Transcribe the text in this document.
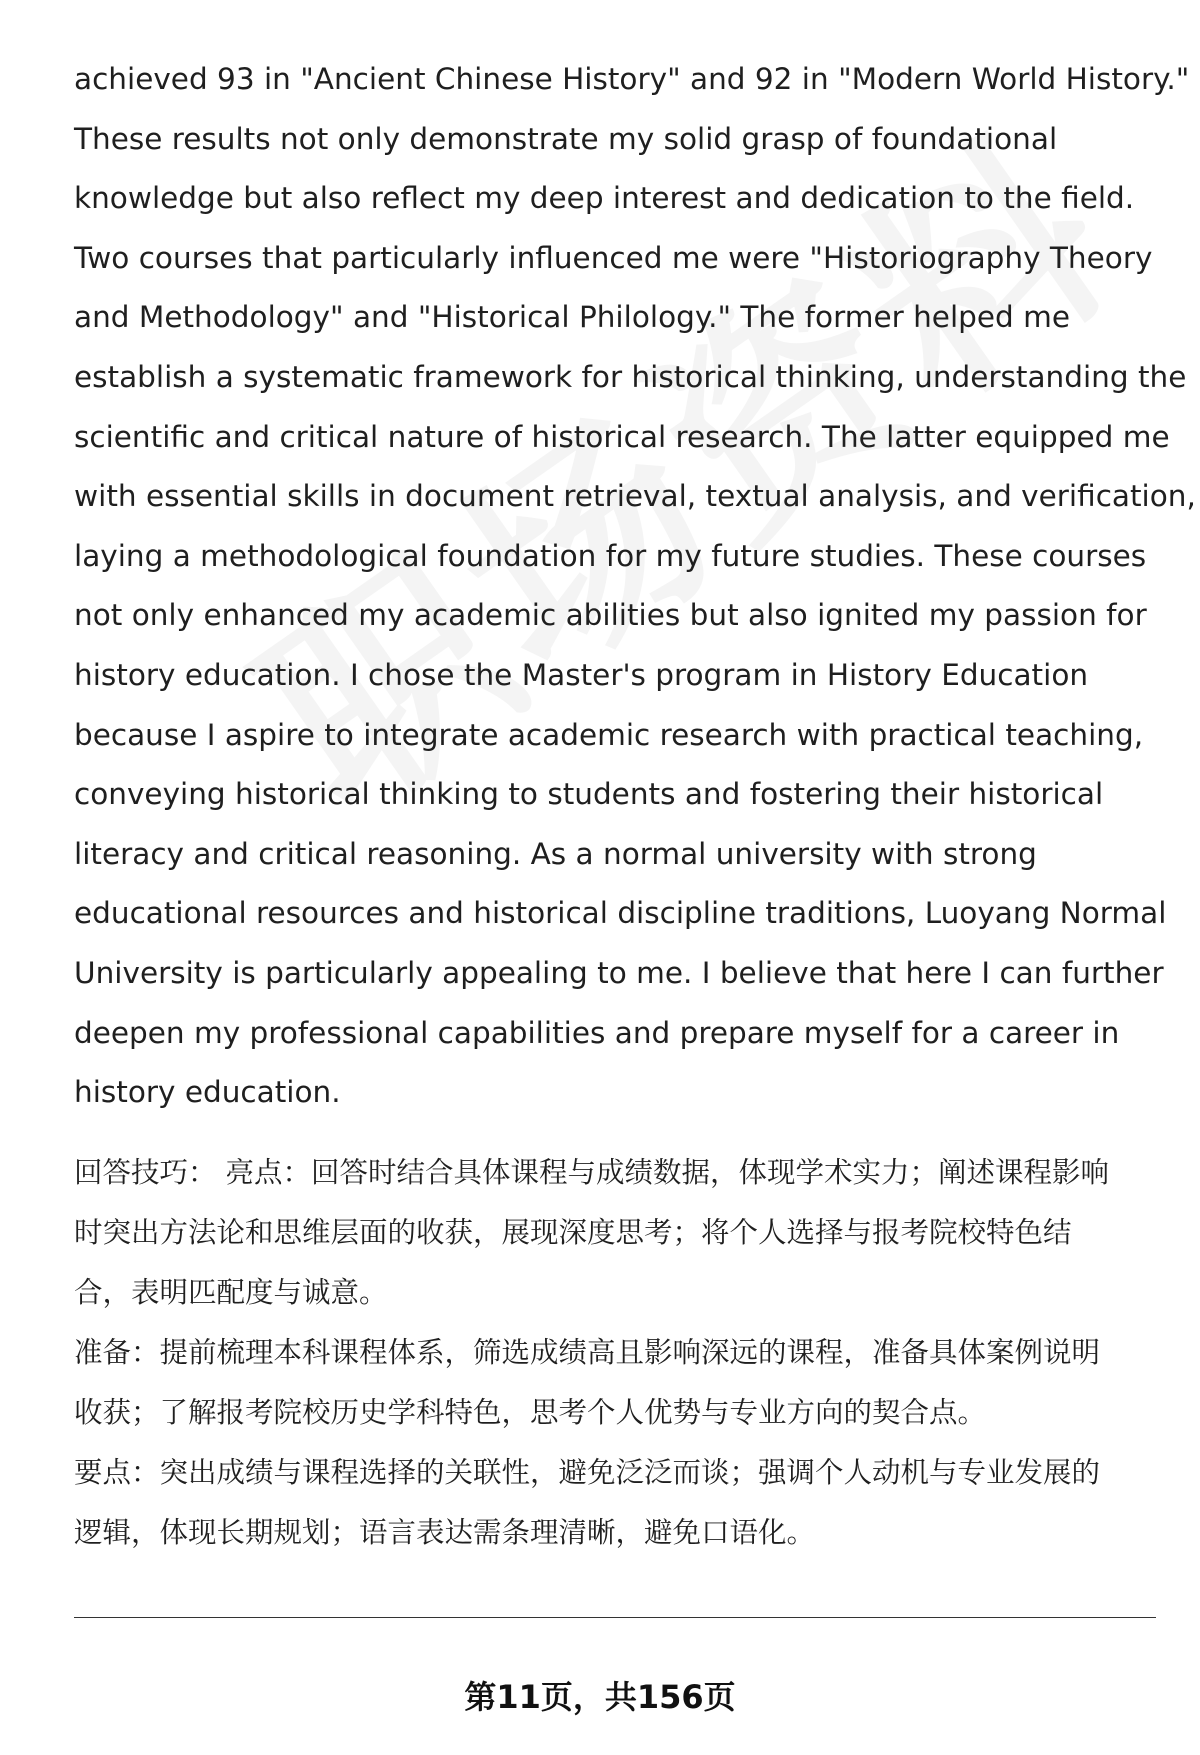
achieved 93 in "Ancient Chinese History" and 92 in "Modern World History."
These results not only demonstrate my solid grasp of foundational
knowledge but also reflect my deep interest and dedication to the field.
Two courses that particularly influenced me were "Historiography Theory
and Methodology" and "Historical Philology." The former helped me
establish a systematic framework for historical thinking, understanding the
scientific and critical nature of historical research. The latter equipped me
with essential skills in document retrieval, textual analysis, and verification,
laying a methodological foundation for my future studies. These courses
not only enhanced my academic abilities but also ignited my passion for
history education. I chose the Master's program in History Education
because I aspire to integrate academic research with practical teaching,
conveying historical thinking to students and fostering their historical
literacy and critical reasoning. As a normal university with strong
educational resources and historical discipline traditions, Luoyang Normal
University is particularly appealing to me. I believe that here I can further
deepen my professional capabilities and prepare myself for a career in
history education.
回答技巧： 亮点：回答时结合具体课程与成绩数据，体现学术实力；阐述课程影响
时突出方法论和思维层面的收获，展现深度思考；将个人选择与报考院校特色结
合，表明匹配度与诚意。
准备：提前梳理本科课程体系，筛选成绩高且影响深远的课程，准备具体案例说明
收获；了解报考院校历史学科特色，思考个人优势与专业方向的契合点。
要点：突出成绩与课程选择的关联性，避免泛泛而谈；强调个人动机与专业发展的
逻辑，体现长期规划；语言表达需条理清晰，避免口语化。
第11页，共156页
